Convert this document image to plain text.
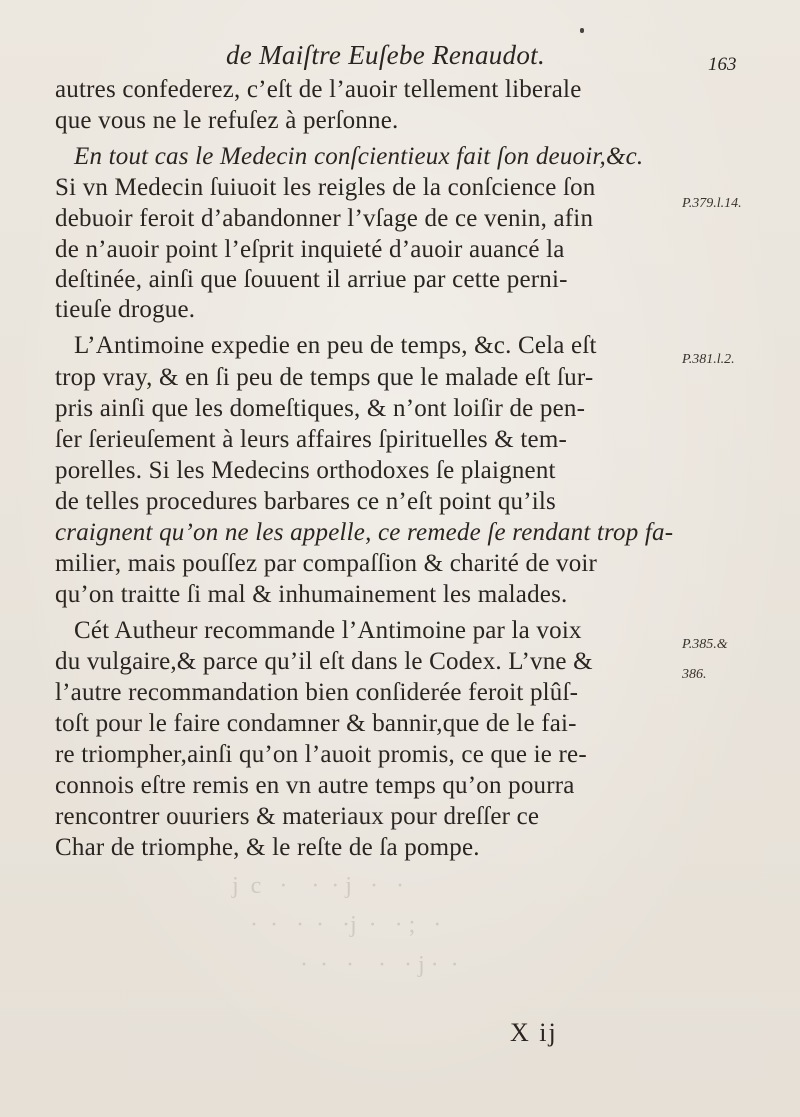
de Maiſtre Euſebe Renaudot.	163
autres confederez, c’eſt de l’auoir tellement liberale
que vous ne le refuſez à perſonne.
En tout cas le Medecin conſcientieux fait ſon deuoir,&c.
Si vn Medecin ſuiuoit les reigles de la conſcience ſon
debuoir feroit d’abandonner l’vſage de ce venin, afin
de n’auoir point l’eſprit inquieté d’auoir auancé la
deſtinée, ainſi que ſouuent il arriue par cette perni-
tieuſe drogue.
L’Antimoine expedie en peu de temps, &c. Cela eſt
trop vray, & en ſi peu de temps que le malade eſt ſur-
pris ainſi que les domeſtiques, & n’ont loiſir de pen-
ſer ſerieuſement à leurs affaires ſpirituelles & tem-
porelles. Si les Medecins orthodoxes ſe plaignent
de telles procedures barbares ce n’eſt point qu’ils
craignent qu’on ne les appelle, ce remede ſe rendant trop fa-
milier, mais pouſſez par compaſſion & charité de voir
qu’on traitte ſi mal & inhumainement les malades.
Cét Autheur recommande l’Antimoine par la voix
du vulgaire,& parce qu’il eſt dans le Codex. L’vne &
l’autre recommandation bien conſiderée feroit plûſ-
toſt pour le faire condamner & bannir,que de le fai-
re triompher,ainſi qu’on l’auoit promis, ce que ie re-
connois eſtre remis en vn autre temps qu’on pourra
rencontrer ouuriers & materiaux pour dreſſer ce
Char de triomphe, & le reſte de ſa pompe.
P.379.l.14.
P.381.l.2.
P.385.&
386.
j  c   ·    ·  · j   ·   ·
·  ·   ·  ·   ·j  ·   · ;   ·
·  ·   ·    ·   · j ·  ·
X ij
